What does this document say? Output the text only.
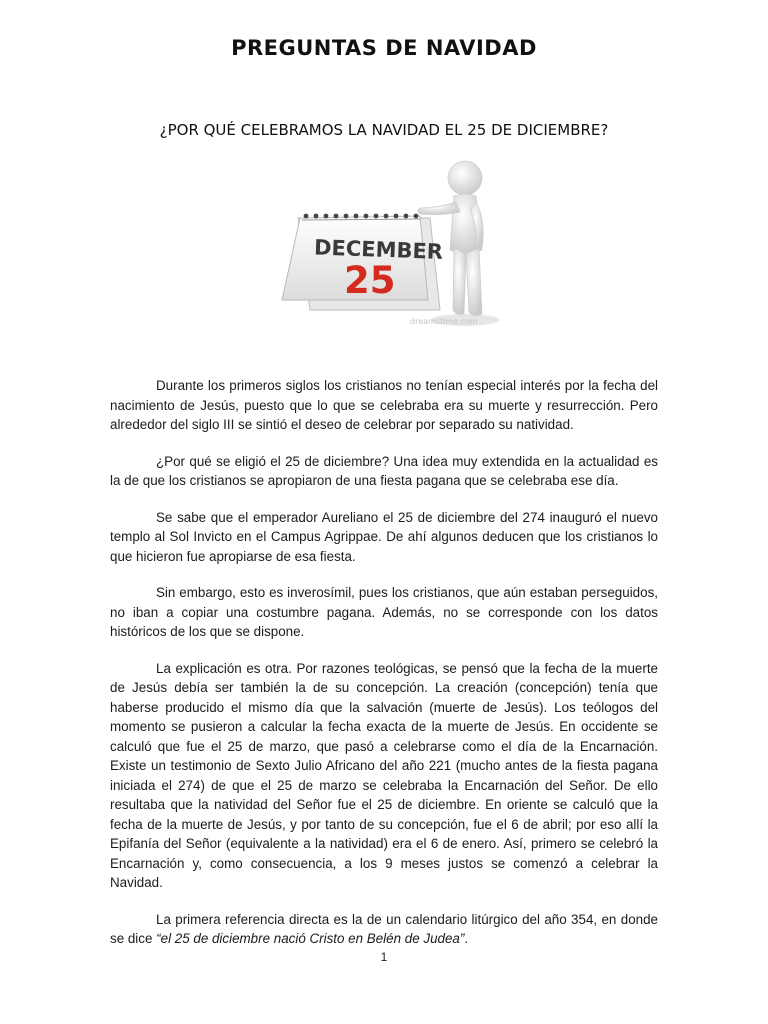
PREGUNTAS DE NAVIDAD
¿POR QUÉ CELEBRAMOS LA NAVIDAD EL 25 DE DICIEMBRE?
DECEMBER
25
dreamstime.com

Durante los primeros siglos los cristianos no tenían especial interés por la fecha del nacimiento de Jesús, puesto que lo que se celebraba era su muerte y resurrección. Pero alrededor del siglo III se sintió el deseo de celebrar por separado su natividad.

¿Por qué se eligió el 25 de diciembre? Una idea muy extendida en la actualidad es la de que los cristianos se apropiaron de una fiesta pagana que se celebraba ese día.

Se sabe que el emperador Aureliano el 25 de diciembre del 274 inauguró el nuevo templo al Sol Invicto en el Campus Agrippae. De ahí algunos deducen que los cristianos lo que hicieron fue apropiarse de esa fiesta.

Sin embargo, esto es inverosímil, pues los cristianos, que aún estaban perseguidos, no iban a copiar una costumbre pagana. Además, no se corresponde con los datos históricos de los que se dispone.

La explicación es otra. Por razones teológicas, se pensó que la fecha de la muerte de Jesús debía ser también la de su concepción. La creación (concepción) tenía que haberse producido el mismo día que la salvación (muerte de Jesús). Los teólogos del momento se pusieron a calcular la fecha exacta de la muerte de Jesús. En occidente se calculó que fue el 25 de marzo, que pasó a celebrarse como el día de la Encarnación. Existe un testimonio de Sexto Julio Africano del año 221 (mucho antes de la fiesta pagana iniciada el 274) de que el 25 de marzo se celebraba la Encarnación del Señor. De ello resultaba que la natividad del Señor fue el 25 de diciembre. En oriente se calculó que la fecha de la muerte de Jesús, y por tanto de su concepción, fue el 6 de abril; por eso allí la Epifanía del Señor (equivalente a la natividad) era el 6 de enero. Así, primero se celebró la Encarnación y, como consecuencia, a los 9 meses justos se comenzó a celebrar la Navidad.

La primera referencia directa es la de un calendario litúrgico del año 354, en donde se dice “el 25 de diciembre nació Cristo en Belén de Judea”.

1
